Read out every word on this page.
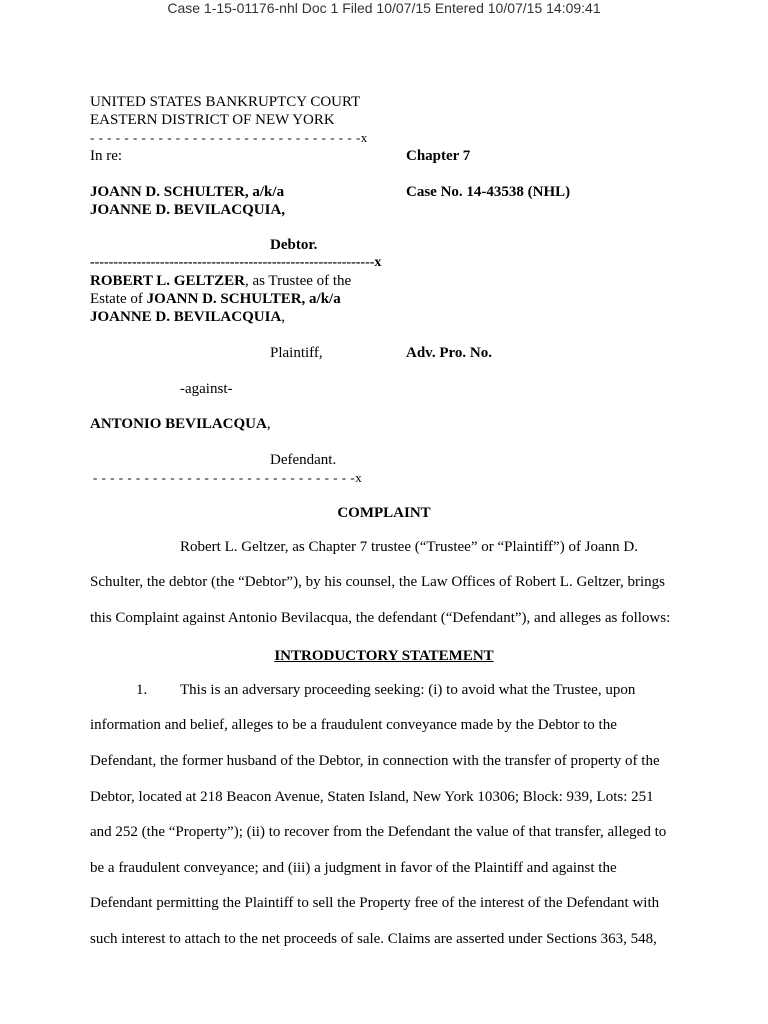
Case 1-15-01176-nhl Doc 1 Filed 10/07/15 Entered 10/07/15 14:09:41
UNITED STATES BANKRUPTCY COURT
EASTERN DISTRICT OF NEW YORK
- - - - - - - - - - - - - - - - - - - - - - - - - - - - - - - -x
In re:	Chapter 7
JOANN D. SCHULTER, a/k/a	Case No. 14-43538 (NHL)
JOANNE D. BEVILACQUIA,
Debtor.
-------------------------------------------------------------x
ROBERT L. GELTZER, as Trustee of the
Estate of JOANN D. SCHULTER, a/k/a
JOANNE D. BEVILACQUIA,
Plaintiff,	Adv. Pro. No.
-against-
ANTONIO BEVILACQUA,
Defendant.
- - - - - - - - - - - - - - - - - - - - - - - - - - - - - - -x
COMPLAINT
Robert L. Geltzer, as Chapter 7 trustee (“Trustee” or “Plaintiff”) of Joann D.
Schulter, the debtor (the “Debtor”), by his counsel, the Law Offices of Robert L. Geltzer, brings
this Complaint against Antonio Bevilacqua, the defendant (“Defendant”), and alleges as follows:
INTRODUCTORY STATEMENT
1. This is an adversary proceeding seeking: (i) to avoid what the Trustee, upon
information and belief, alleges to be a fraudulent conveyance made by the Debtor to the
Defendant, the former husband of the Debtor, in connection with the transfer of property of the
Debtor, located at 218 Beacon Avenue, Staten Island, New York 10306; Block: 939, Lots: 251
and 252 (the “Property”); (ii) to recover from the Defendant the value of that transfer, alleged to
be a fraudulent conveyance; and (iii) a judgment in favor of the Plaintiff and against the
Defendant permitting the Plaintiff to sell the Property free of the interest of the Defendant with
such interest to attach to the net proceeds of sale. Claims are asserted under Sections 363, 548,
